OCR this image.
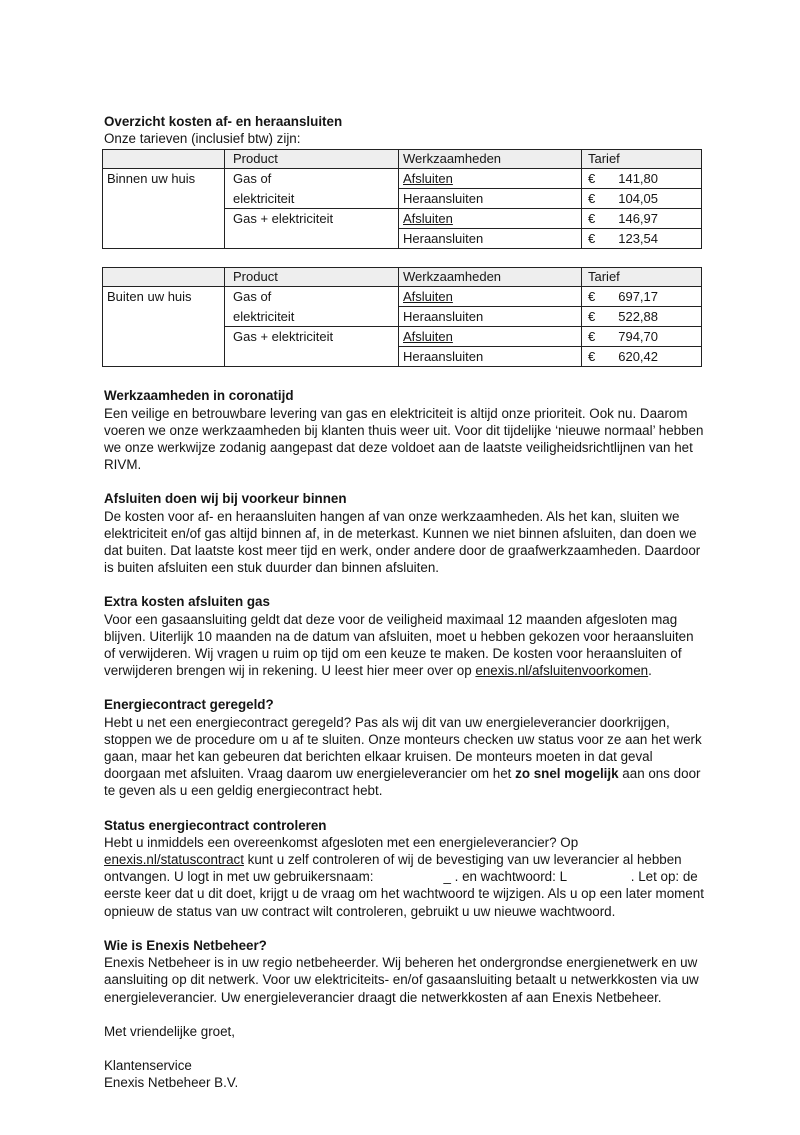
Overzicht kosten af- en heraansluiten

Onze tarieven (inclusief btw) zijn:

	Product	Werkzaamheden	Tarief
Binnen uw huis	Gas of	Afsluiten	€ 141,80
	elektriciteit	Heraansluiten	€ 104,05
	Gas + elektriciteit	Afsluiten	€ 146,97
		Heraansluiten	€ 123,54
	Product	Werkzaamheden	Tarief
Buiten uw huis	Gas of	Afsluiten	€ 697,17
	elektriciteit	Heraansluiten	€ 522,88
	Gas + elektriciteit	Afsluiten	€ 794,70
		Heraansluiten	€ 620,42
Werkzaamheden in coronatijd

Een veilige en betrouwbare levering van gas en elektriciteit is altijd onze prioriteit. Ook nu. Daarom voeren we onze werkzaamheden bij klanten thuis weer uit. Voor dit tijdelijke ‘nieuwe normaal’ hebben we onze werkwijze zodanig aangepast dat deze voldoet aan de laatste veiligheidsrichtlijnen van het RIVM.

Afsluiten doen wij bij voorkeur binnen

De kosten voor af- en heraansluiten hangen af van onze werkzaamheden. Als het kan, sluiten we elektriciteit en/of gas altijd binnen af, in de meterkast. Kunnen we niet binnen afsluiten, dan doen we dat buiten. Dat laatste kost meer tijd en werk, onder andere door de graafwerkzaamheden. Daardoor is buiten afsluiten een stuk duurder dan binnen afsluiten.

Extra kosten afsluiten gas

Voor een gasaansluiting geldt dat deze voor de veiligheid maximaal 12 maanden afgesloten mag blijven. Uiterlijk 10 maanden na de datum van afsluiten, moet u hebben gekozen voor heraansluiten of verwijderen. Wij vragen u ruim op tijd om een keuze te maken. De kosten voor heraansluiten of verwijderen brengen wij in rekening. U leest hier meer over op enexis.nl/afsluitenvoorkomen.

Energiecontract geregeld?

Hebt u net een energiecontract geregeld? Pas als wij dit van uw energieleverancier doorkrijgen, stoppen we de procedure om u af te sluiten. Onze monteurs checken uw status voor ze aan het werk gaan, maar het kan gebeuren dat berichten elkaar kruisen. De monteurs moeten in dat geval doorgaan met afsluiten. Vraag daarom uw energieleverancier om het zo snel mogelijk aan ons door te geven als u een geldig energiecontract hebt.

Status energiecontract controleren

Hebt u inmiddels een overeenkomst afgesloten met een energieleverancier? Op enexis.nl/statuscontract kunt u zelf controleren of wij de bevestiging van uw leverancier al hebben ontvangen. U logt in met uw gebruikersnaam:	_ . en wachtwoord: L	. Let op: de eerste keer dat u dit doet, krijgt u de vraag om het wachtwoord te wijzigen. Als u op een later moment opnieuw de status van uw contract wilt controleren, gebruikt u uw nieuwe wachtwoord.

Wie is Enexis Netbeheer?

Enexis Netbeheer is in uw regio netbeheerder. Wij beheren het ondergrondse energienetwerk en uw aansluiting op dit netwerk. Voor uw elektriciteits- en/of gasaansluiting betaalt u netwerkkosten via uw energieleverancier. Uw energieleverancier draagt die netwerkkosten af aan Enexis Netbeheer.

Met vriendelijke groet,

Klantenservice

Enexis Netbeheer B.V.
